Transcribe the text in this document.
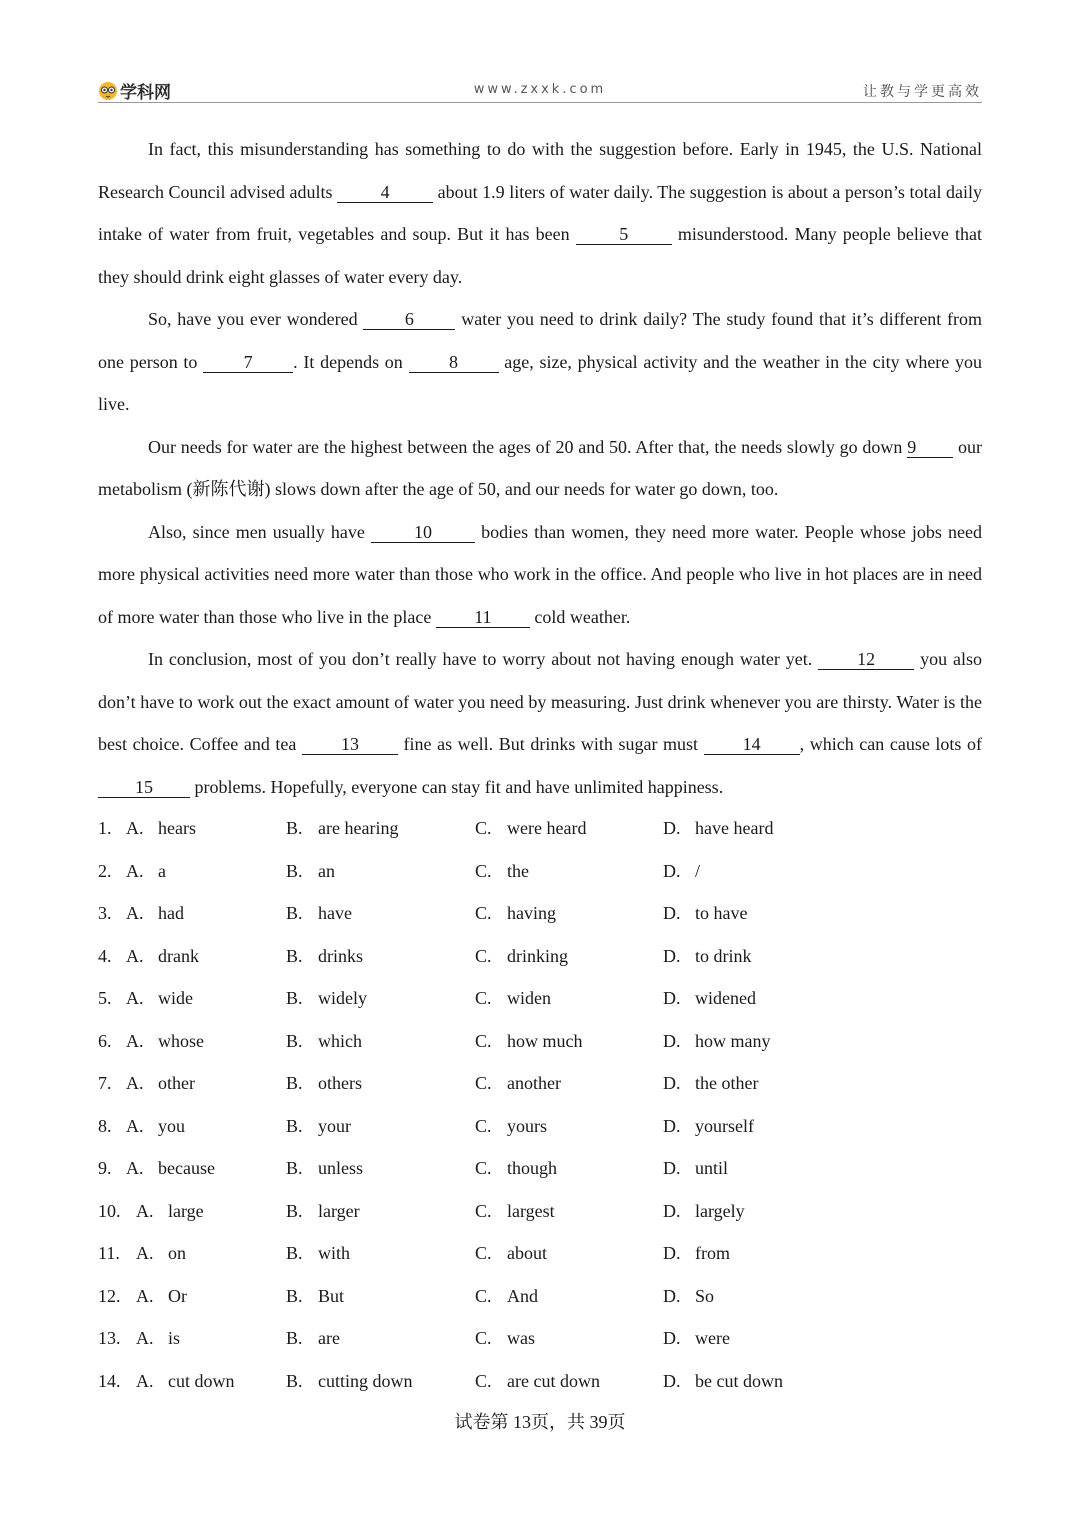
学科网	www.zxxk.com	让教与学更高效

In fact, this misunderstanding has something to do with the suggestion before. Early in 1945, the U.S. National Research Council advised adults 4 about 1.9 liters of water daily. The suggestion is about a person’s total daily intake of water from fruit, vegetables and soup. But it has been 5 misunderstood. Many people believe that they should drink eight glasses of water every day.

So, have you ever wondered 6 water you need to drink daily? The study found that it’s different from one person to 7 . It depends on 8 age, size, physical activity and the weather in the city where you live.

Our needs for water are the highest between the ages of 20 and 50. After that, the needs slowly go down 9 our metabolism (新陈代谢) slows down after the age of 50, and our needs for water go down, too.

Also, since men usually have 10 bodies than women, they need more water. People whose jobs need more physical activities need more water than those who work in the office. And people who live in hot places are in need of more water than those who live in the place 11 cold weather.

In conclusion, most of you don’t really have to worry about not having enough water yet. 12 you also don’t have to work out the exact amount of water you need by measuring. Just drink whenever you are thirsty. Water is the best choice. Coffee and tea 13 fine as well. But drinks with sugar must 14 , which can cause lots of 15 problems. Hopefully, everyone can stay fit and have unlimited happiness.

1. A. hears	B. are hearing	C. were heard	D. have heard
2. A. a	B. an	C. the	D. /
3. A. had	B. have	C. having	D. to have
4. A. drank	B. drinks	C. drinking	D. to drink
5. A. wide	B. widely	C. widen	D. widened
6. A. whose	B. which	C. how much	D. how many
7. A. other	B. others	C. another	D. the other
8. A. you	B. your	C. yours	D. yourself
9. A. because	B. unless	C. though	D. until
10. A. large	B. larger	C. largest	D. largely
11. A. on	B. with	C. about	D. from
12. A. Or	B. But	C. And	D. So
13. A. is	B. are	C. was	D. were
14. A. cut down	B. cutting down	C. are cut down	D. be cut down
试卷第 13页，共 39页
